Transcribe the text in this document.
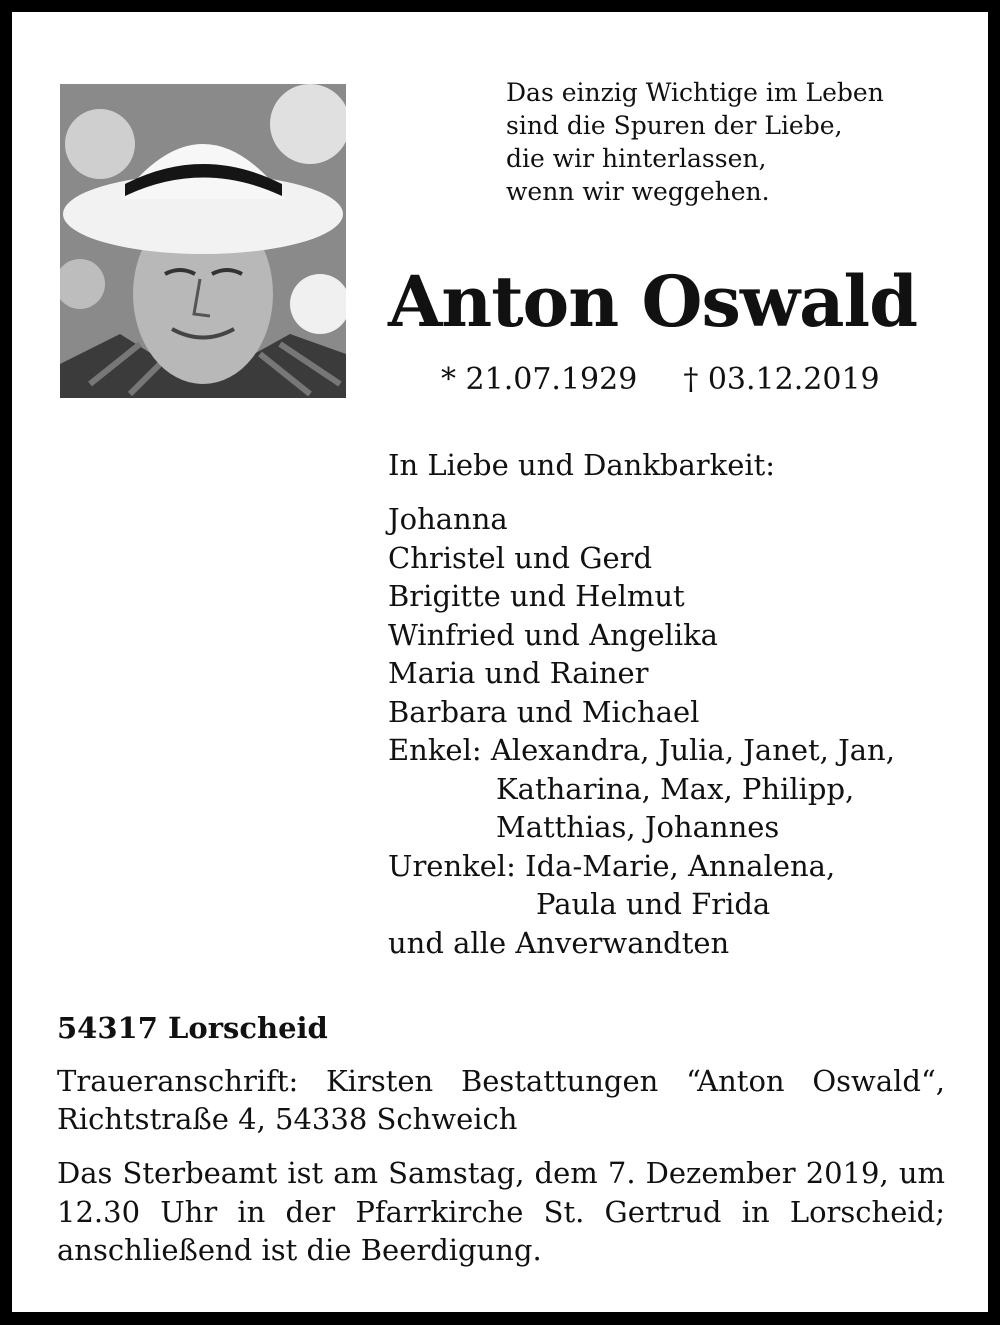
Das einzig Wichtige im Leben
sind die Spuren der Liebe,
die wir hinterlassen,
wenn wir weggehen.
Anton Oswald
* 21.07.1929 † 03.12.2019
In Liebe und Dankbarkeit:
Johanna
Christel und Gerd
Brigitte und Helmut
Winfried und Angelika
Maria und Rainer
Barbara und Michael
Enkel: Alexandra, Julia, Janet, Jan,
Katharina, Max, Philipp,
Matthias, Johannes
Urenkel: Ida-Marie, Annalena,
Paula und Frida
und alle Anverwandten
54317 Lorscheid
Traueranschrift: Kirsten Bestattungen “Anton Oswald“, Richtstraße 4, 54338 Schweich
Das Sterbeamt ist am Samstag, dem 7. Dezember 2019, um 12.30 Uhr in der Pfarrkirche St. Gertrud in Lorscheid; anschließend ist die Beerdigung.
